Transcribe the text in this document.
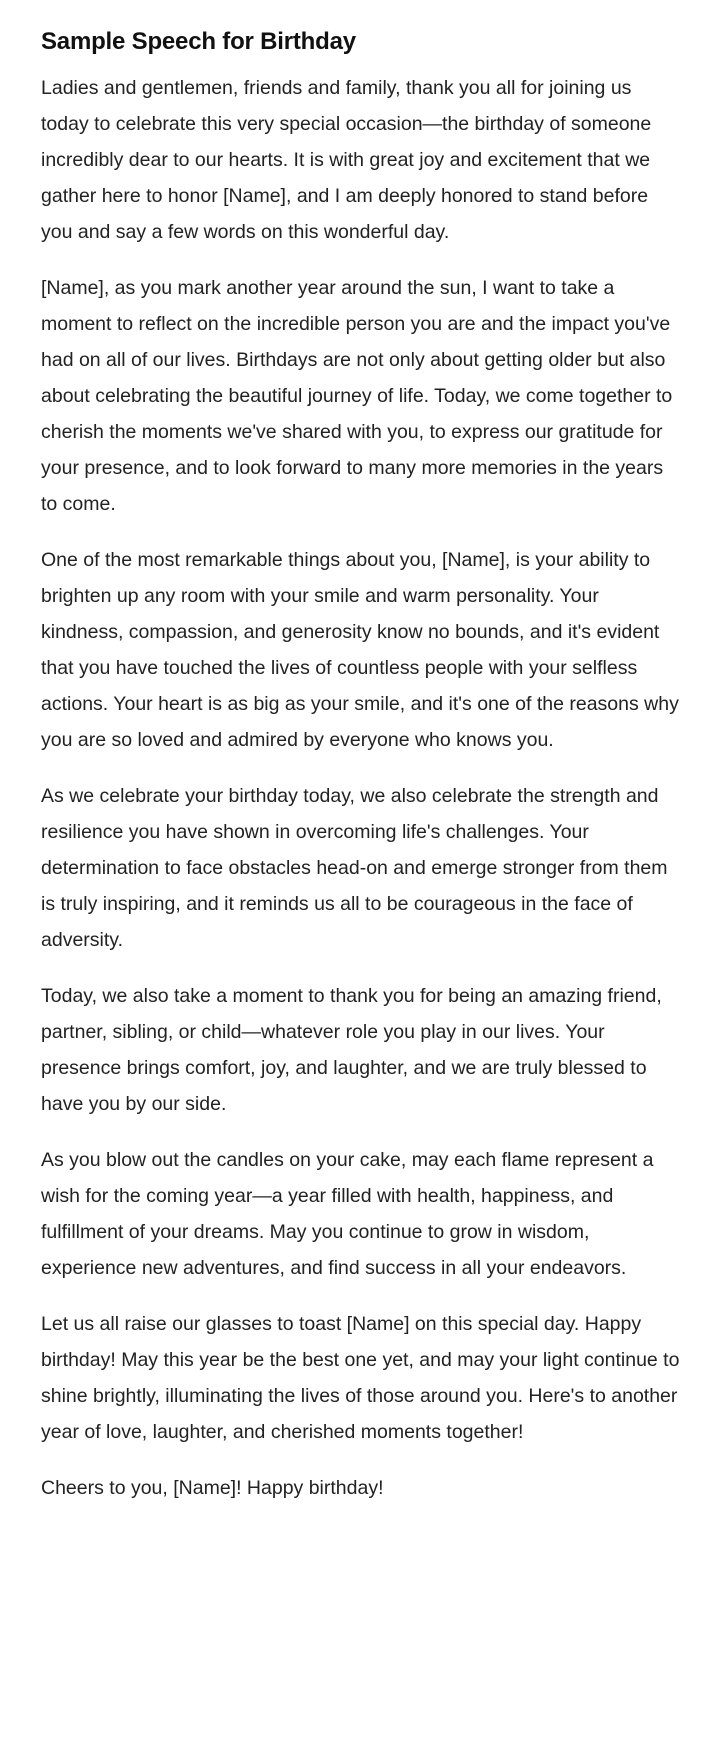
Sample Speech for Birthday

Ladies and gentlemen, friends and family, thank you all for joining us today to celebrate this very special occasion—the birthday of someone incredibly dear to our hearts. It is with great joy and excitement that we gather here to honor [Name], and I am deeply honored to stand before you and say a few words on this wonderful day.

[Name], as you mark another year around the sun, I want to take a moment to reflect on the incredible person you are and the impact you've had on all of our lives. Birthdays are not only about getting older but also about celebrating the beautiful journey of life. Today, we come together to cherish the moments we've shared with you, to express our gratitude for your presence, and to look forward to many more memories in the years to come.

One of the most remarkable things about you, [Name], is your ability to brighten up any room with your smile and warm personality. Your kindness, compassion, and generosity know no bounds, and it's evident that you have touched the lives of countless people with your selfless actions. Your heart is as big as your smile, and it's one of the reasons why you are so loved and admired by everyone who knows you.

As we celebrate your birthday today, we also celebrate the strength and resilience you have shown in overcoming life's challenges. Your determination to face obstacles head-on and emerge stronger from them is truly inspiring, and it reminds us all to be courageous in the face of adversity.

Today, we also take a moment to thank you for being an amazing friend, partner, sibling, or child—whatever role you play in our lives. Your presence brings comfort, joy, and laughter, and we are truly blessed to have you by our side.

As you blow out the candles on your cake, may each flame represent a wish for the coming year—a year filled with health, happiness, and fulfillment of your dreams. May you continue to grow in wisdom, experience new adventures, and find success in all your endeavors.

Let us all raise our glasses to toast [Name] on this special day. Happy birthday! May this year be the best one yet, and may your light continue to shine brightly, illuminating the lives of those around you. Here's to another year of love, laughter, and cherished moments together!

Cheers to you, [Name]! Happy birthday!
